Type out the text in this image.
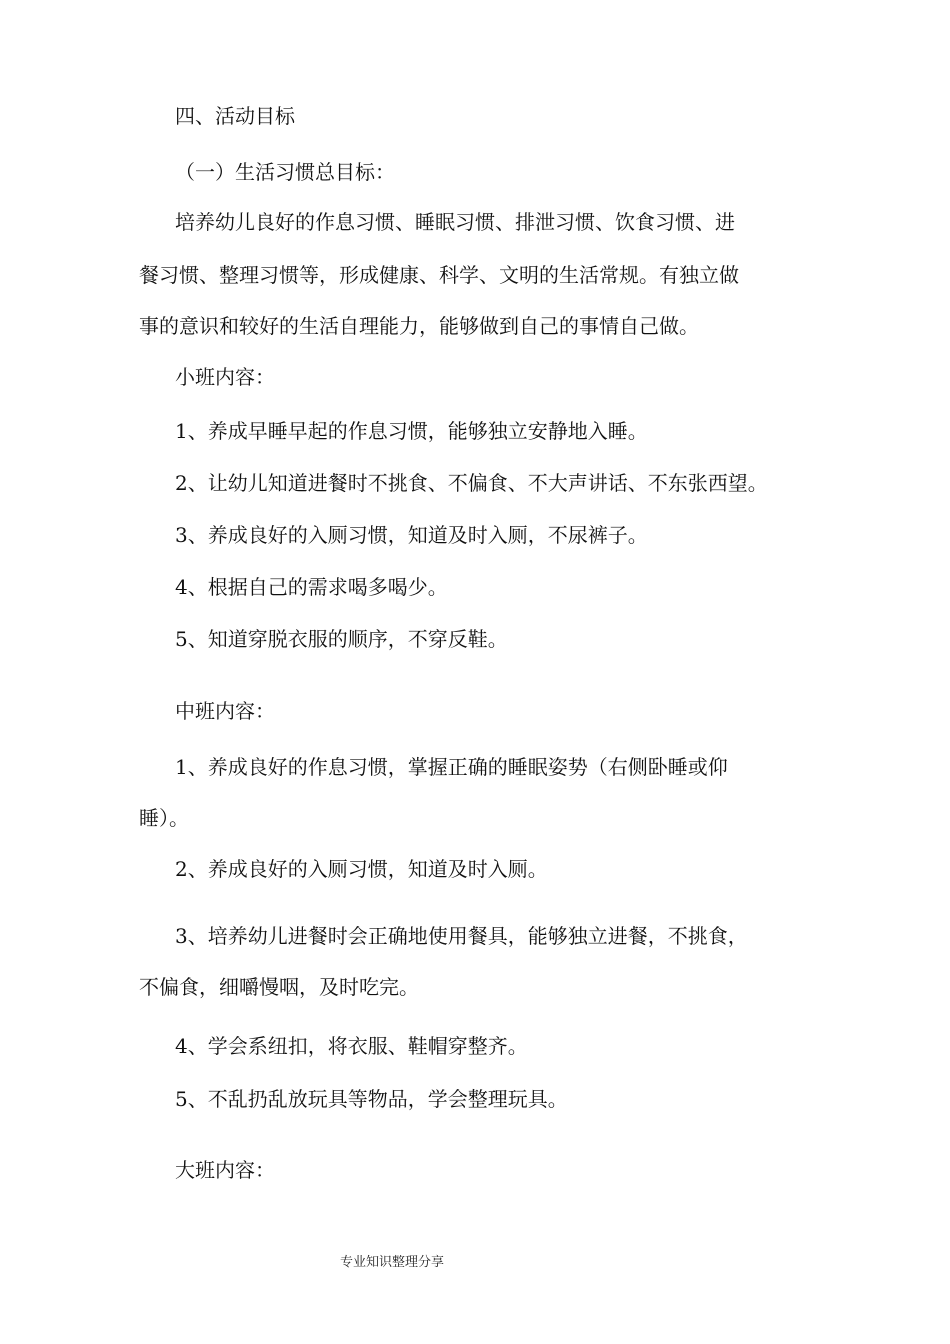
四、活动目标

（一）生活习惯总目标：

培养幼儿良好的作息习惯、睡眠习惯、排泄习惯、饮食习惯、进

餐习惯、整理习惯等，形成健康、科学、文明的生活常规。有独立做

事的意识和较好的生活自理能力，能够做到自己的事情自己做。

小班内容：

1、养成早睡早起的作息习惯，能够独立安静地入睡。

2、让幼儿知道进餐时不挑食、不偏食、不大声讲话、不东张西望。

3、养成良好的入厕习惯，知道及时入厕，不尿裤子。

4、根据自己的需求喝多喝少。

5、知道穿脱衣服的顺序，不穿反鞋。

中班内容：

1、养成良好的作息习惯，掌握正确的睡眠姿势（右侧卧睡或仰

睡）。

2、养成良好的入厕习惯，知道及时入厕。

3、培养幼儿进餐时会正确地使用餐具，能够独立进餐，不挑食，

不偏食，细嚼慢咽，及时吃完。

4、学会系纽扣，将衣服、鞋帽穿整齐。

5、不乱扔乱放玩具等物品，学会整理玩具。

大班内容：

专业知识整理分享
